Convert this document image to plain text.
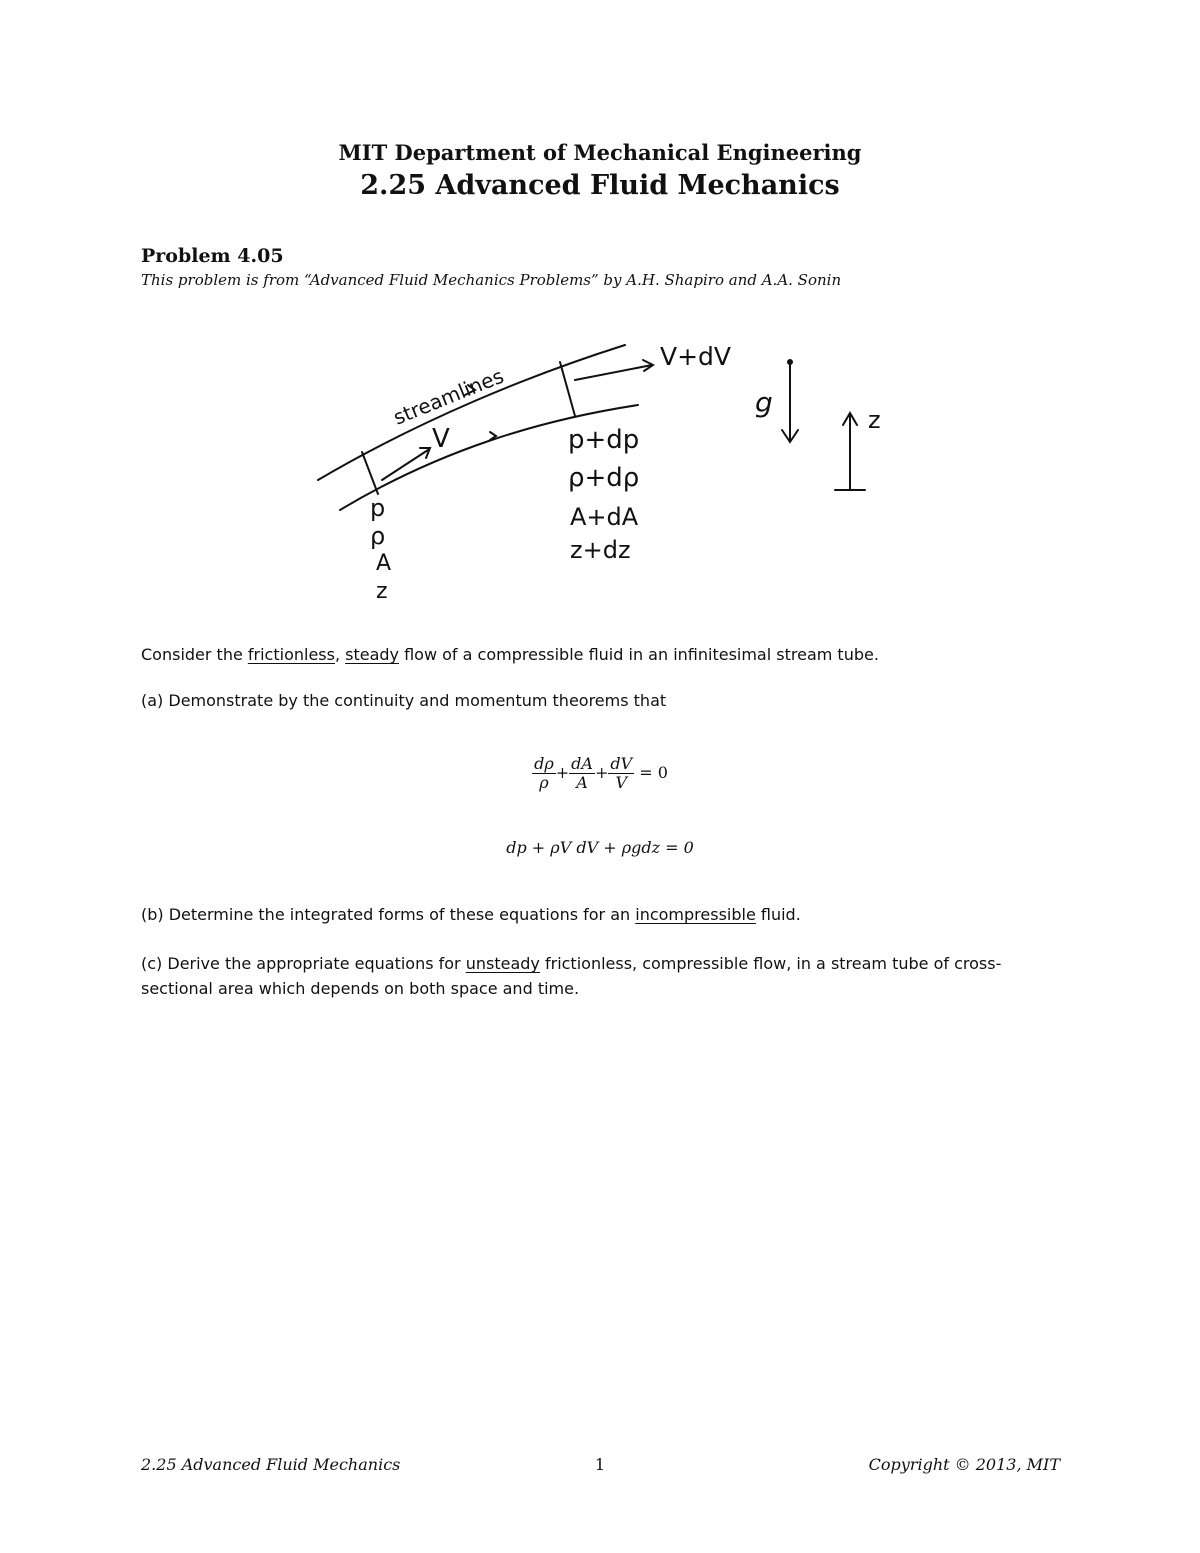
MIT Department of Mechanical Engineering
2.25 Advanced Fluid Mechanics
Problem 4.05
This problem is from “Advanced Fluid Mechanics Problems” by A.H. Shapiro and A.A. Sonin
streamlines
V
V+dV
g
z
p
ρ
A
z
p+dp
ρ+dρ
A+dA
z+dz
Consider the frictionless, steady flow of a compressible fluid in an infinitesimal stream tube.
(a) Demonstrate by the continuity and momentum theorems that
$\frac{d\rho}{\rho} + \frac{dA}{A} + \frac{dV}{V} = 0$
dp + ρV dV + ρgdz = 0
(b) Determine the integrated forms of these equations for an incompressible fluid.
(c) Derive the appropriate equations for unsteady frictionless, compressible flow, in a stream tube of cross-sectional area which depends on both space and time.
2.25 Advanced Fluid Mechanics	1	Copyright © 2013, MIT
